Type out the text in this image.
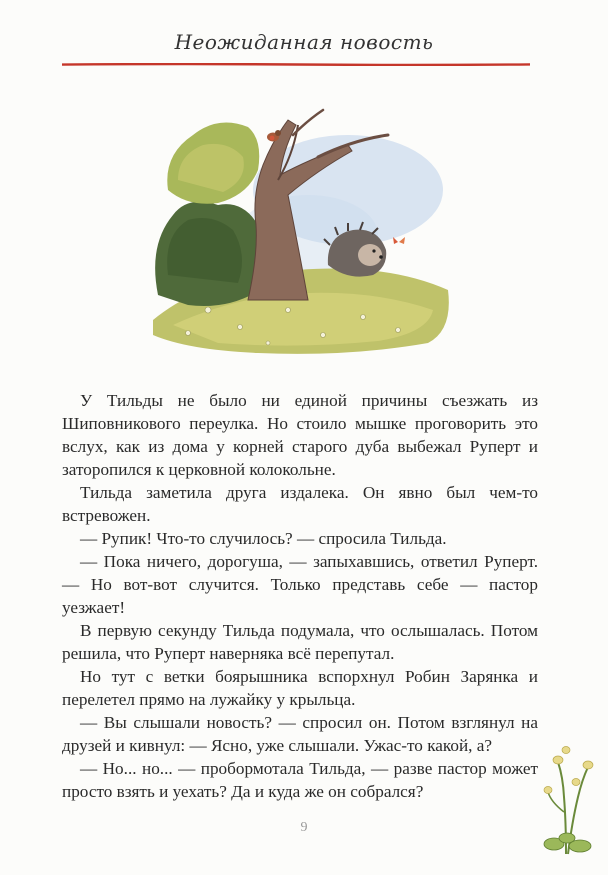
Неожиданная новость

У Тильды не было ни единой причины съезжать из Шиповникового переулка. Но стоило мышке проговорить это вслух, как из дома у корней старого дуба выбежал Руперт и заторопился к церковной колокольне.

Тильда заметила друга издалека. Он явно был чем-то встревожен.

— Рупик! Что-то случилось? — спросила Тильда.

— Пока ничего, дорогуша, — запыхавшись, ответил Руперт. — Но вот-вот случится. Только представь себе — пастор уезжает!

В первую секунду Тильда подумала, что ослышалась. Потом решила, что Руперт наверняка всё перепутал.

Но тут с ветки боярышника вспорхнул Робин Зарянка и перелетел прямо на лужайку у крыльца.

— Вы слышали новость? — спросил он. Потом взглянул на друзей и кивнул: — Ясно, уже слышали. Ужас-то какой, а?

— Но... но... — пробормотала Тильда, — разве пастор может просто взять и уехать? Да и куда же он собрался?

9
